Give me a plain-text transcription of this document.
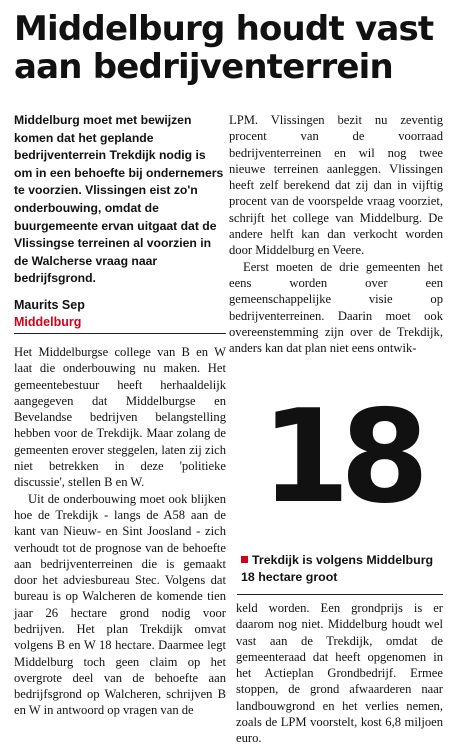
Middelburg houdt vast aan bedrijventerrein

Middelburg moet met bewijzen komen dat het geplande bedrijventerrein Trekdijk nodig is om in een behoefte bij ondernemers te voorzien. Vlissingen eist zo'n onderbouwing, omdat de buurgemeente ervan uitgaat dat de Vlissingse terreinen al voorzien in de Walcherse vraag naar bedrijfsgrond.

Maurits Sep
Middelburg

Het Middelburgse college van B en W laat die onderbouwing nu maken. Het gemeentebestuur heeft herhaaldelijk aangegeven dat Middelburgse en Bevelandse bedrijven belangstelling hebben voor de Trekdijk. Maar zolang de gemeenten erover steggelen, laten zij zich niet betrekken in deze 'politieke discussie', stellen B en W.

Uit de onderbouwing moet ook blijken hoe de Trekdijk - langs de A58 aan de kant van Nieuw- en Sint Joosland - zich verhoudt tot de prognose van de behoefte aan bedrijventerreinen die is gemaakt door het adviesbureau Stec. Volgens dat bureau is op Walcheren de komende tien jaar 26 hectare grond nodig voor bedrijven. Het plan Trekdijk omvat volgens B en W 18 hectare. Daarmee legt Middelburg toch geen claim op het overgrote deel van de behoefte aan bedrijfsgrond op Walcheren, schrijven B en W in antwoord op vragen van de

LPM. Vlissingen bezit nu zeventig procent van de voorraad bedrijventerreinen en wil nog twee nieuwe terreinen aanleggen. Vlissingen heeft zelf berekend dat zij dan in vijftig procent van de voorspelde vraag voorziet, schrijft het college van Middelburg. De andere helft kan dan verkocht worden door Middelburg en Veere.

Eerst moeten de drie gemeenten het eens worden over een gemeenschappelijke visie op bedrijventerreinen. Daarin moet ook overeenstemming zijn over de Trekdijk, anders kan dat plan niet eens ontwik-

18
Trekdijk is volgens Middelburg 18 hectare groot

keld worden. Een grondprijs is er daarom nog niet. Middelburg houdt wel vast aan de Trekdijk, omdat de gemeenteraad dat heeft opgenomen in het Actieplan Grondbedrijf. Ermee stoppen, de grond afwaarderen naar landbouwgrond en het verlies nemen, zoals de LPM voorstelt, kost 6,8 miljoen euro.
